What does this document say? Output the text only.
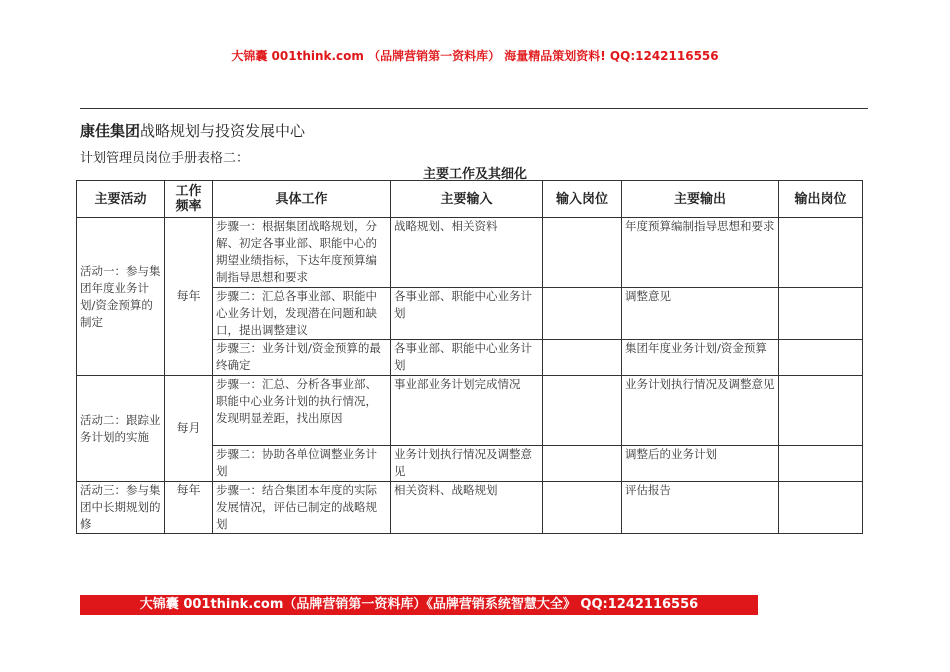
大锦囊 001think.com （品牌营销第一资料库） 海量精品策划资料! QQ:1242116556
康佳集团战略规划与投资发展中心
计划管理员岗位手册表格二：
主要工作及其细化
主要活动	工作频率	具体工作	主要输入	输入岗位	主要输出	输出岗位
活动一：参与集团年度业务计划/资金预算的制定	每年	步骤一：根据集团战略规划，分解、初定各事业部、职能中心的期望业绩指标，下达年度预算编制指导思想和要求	战略规划、相关资料		年度预算编制指导思想和要求	
		步骤二：汇总各事业部、职能中心业务计划，发现潜在问题和缺口，提出调整建议	各事业部、职能中心业务计划		调整意见	
		步骤三：业务计划/资金预算的最终确定	各事业部、职能中心业务计划		集团年度业务计划/资金预算	
活动二：跟踪业务计划的实施	每月	步骤一：汇总、分析各事业部、职能中心业务计划的执行情况，发现明显差距，找出原因	事业部业务计划完成情况		业务计划执行情况及调整意见	
		步骤二：协助各单位调整业务计划	业务计划执行情况及调整意见		调整后的业务计划	
活动三：参与集团中长期规划的修	每年	步骤一：结合集团本年度的实际发展情况，评估已制定的战略规划	相关资料、战略规划		评估报告	
大锦囊 001think.com（品牌营销第一资料库）《品牌营销系统智慧大全》 QQ:1242116556
